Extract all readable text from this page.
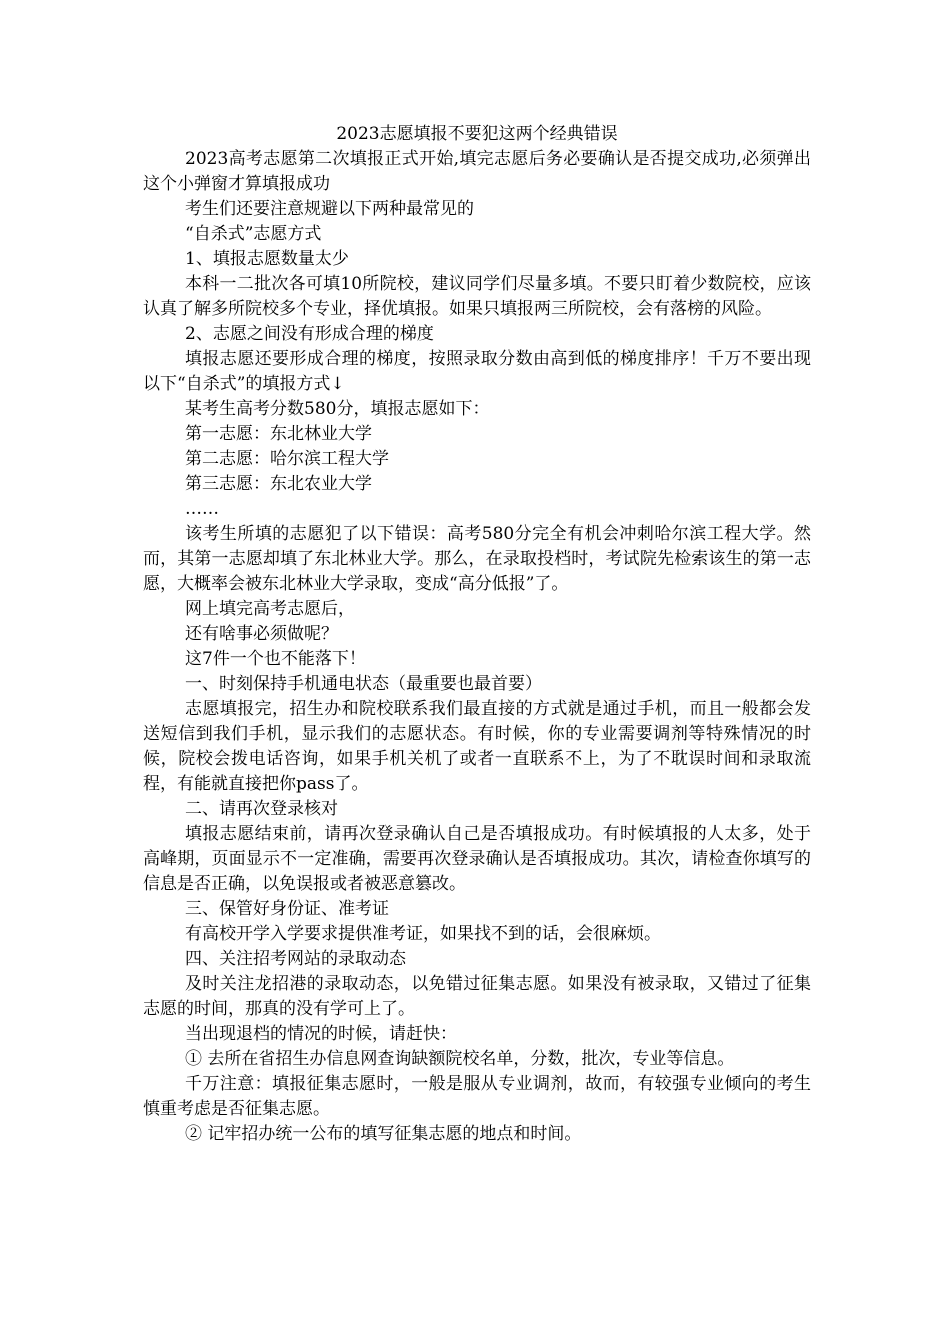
2023志愿填报不要犯这两个经典错误

2023高考志愿第二次填报正式开始,填完志愿后务必要确认是否提交成功,必须弹出这个小弹窗才算填报成功

考生们还要注意规避以下两种最常见的

“自杀式”志愿方式

1、填报志愿数量太少

本科一二批次各可填10所院校，建议同学们尽量多填。不要只盯着少数院校，应该认真了解多所院校多个专业，择优填报。如果只填报两三所院校，会有落榜的风险。

2、志愿之间没有形成合理的梯度

填报志愿还要形成合理的梯度，按照录取分数由高到低的梯度排序！千万不要出现以下“自杀式”的填报方式↓

某考生高考分数580分，填报志愿如下：

第一志愿：东北林业大学

第二志愿：哈尔滨工程大学

第三志愿：东北农业大学

……

该考生所填的志愿犯了以下错误：高考580分完全有机会冲刺哈尔滨工程大学。然而，其第一志愿却填了东北林业大学。那么，在录取投档时，考试院先检索该生的第一志愿，大概率会被东北林业大学录取，变成“高分低报”了。

网上填完高考志愿后，

还有啥事必须做呢？

这7件一个也不能落下！

一、时刻保持手机通电状态（最重要也最首要）

志愿填报完，招生办和院校联系我们最直接的方式就是通过手机，而且一般都会发送短信到我们手机，显示我们的志愿状态。有时候，你的专业需要调剂等特殊情况的时候，院校会拨电话咨询，如果手机关机了或者一直联系不上，为了不耽误时间和录取流程，有能就直接把你pass了。

二、请再次登录核对

填报志愿结束前，请再次登录确认自己是否填报成功。有时候填报的人太多，处于高峰期，页面显示不一定准确，需要再次登录确认是否填报成功。其次，请检查你填写的信息是否正确，以免误报或者被恶意篡改。

三、保管好身份证、准考证

有高校开学入学要求提供准考证，如果找不到的话，会很麻烦。

四、关注招考网站的录取动态

及时关注龙招港的录取动态，以免错过征集志愿。如果没有被录取，又错过了征集志愿的时间，那真的没有学可上了。

当出现退档的情况的时候，请赶快：

① 去所在省招生办信息网查询缺额院校名单，分数，批次，专业等信息。

千万注意：填报征集志愿时，一般是服从专业调剂，故而，有较强专业倾向的考生慎重考虑是否征集志愿。

② 记牢招办统一公布的填写征集志愿的地点和时间。
